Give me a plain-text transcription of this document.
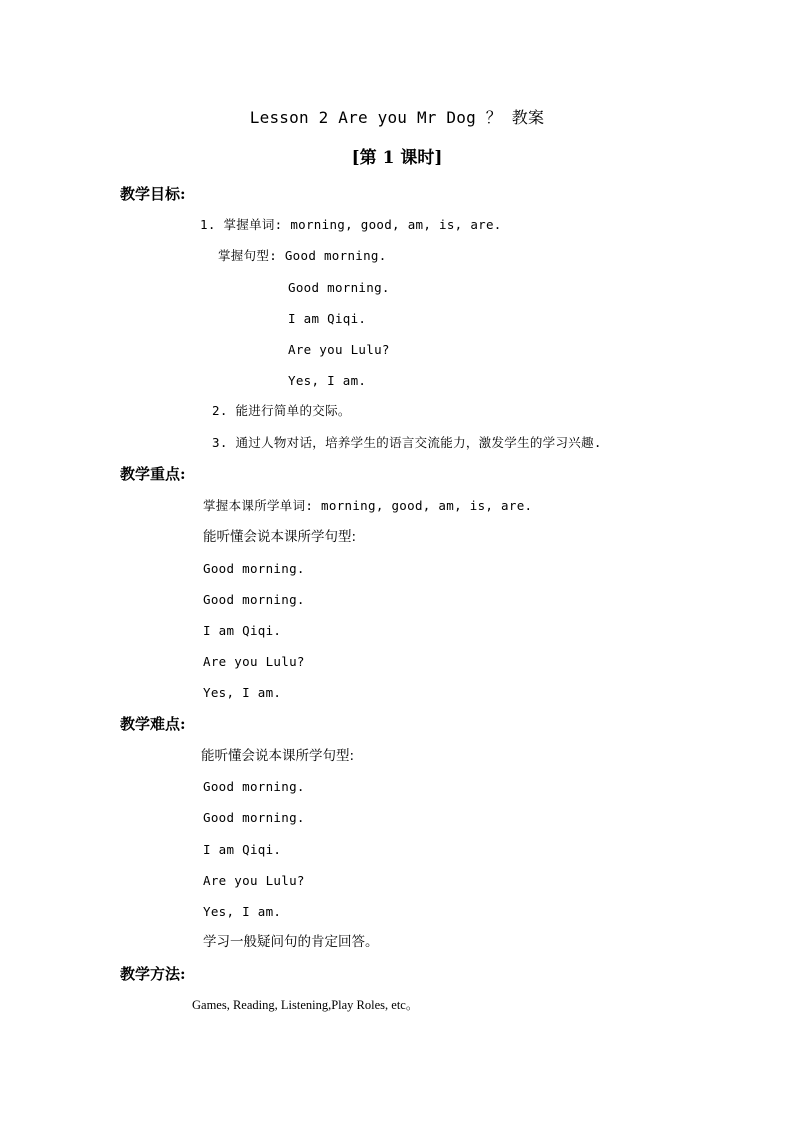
Lesson 2 Are you Mr Dog ？ 教案
[第 1 课时]
教学目标:
1. 掌握单词: morning, good, am, is, are.
掌握句型: Good morning.
Good morning.
I am Qiqi.
Are you Lulu?
Yes, I am.
2. 能进行简单的交际。
3. 通过人物对话，培养学生的语言交流能力，激发学生的学习兴趣.
教学重点:
掌握本课所学单词: morning, good, am, is, are.
能听懂会说本课所学句型:
Good morning.
Good morning.
I am Qiqi.
Are you Lulu?
Yes, I am.
教学难点:
能听懂会说本课所学句型:
Good morning.
Good morning.
I am Qiqi.
Are you Lulu?
Yes, I am.
学习一般疑问句的肯定回答。
教学方法:
Games, Reading, Listening,Play Roles, etc。
